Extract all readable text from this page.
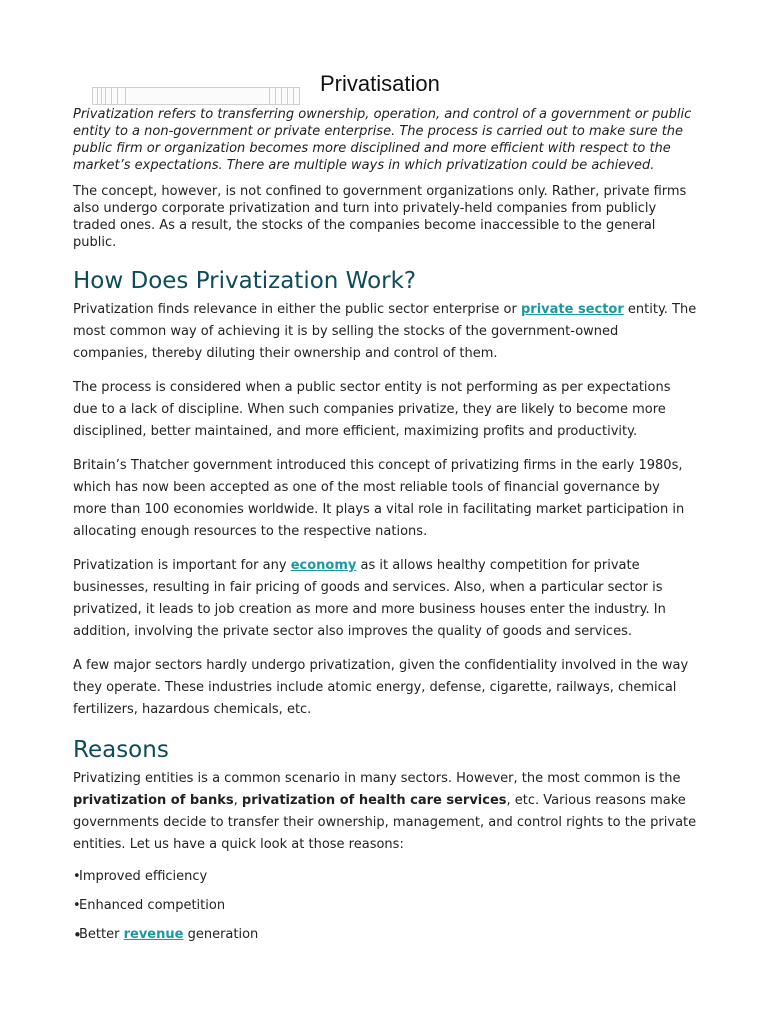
Privatisation

Privatization refers to transferring ownership, operation, and control of a government or public entity to a non-government or private enterprise. The process is carried out to make sure the public firm or organization becomes more disciplined and more efficient with respect to the market’s expectations. There are multiple ways in which privatization could be achieved.

The concept, however, is not confined to government organizations only. Rather, private firms also undergo corporate privatization and turn into privately-held companies from publicly traded ones. As a result, the stocks of the companies become inaccessible to the general public.

How Does Privatization Work?

Privatization finds relevance in either the public sector enterprise or private sector entity. The most common way of achieving it is by selling the stocks of the government-owned companies, thereby diluting their ownership and control of them.

The process is considered when a public sector entity is not performing as per expectations due to a lack of discipline. When such companies privatize, they are likely to become more disciplined, better maintained, and more efficient, maximizing profits and productivity.

Britain’s Thatcher government introduced this concept of privatizing firms in the early 1980s, which has now been accepted as one of the most reliable tools of financial governance by more than 100 economies worldwide. It plays a vital role in facilitating market participation in allocating enough resources to the respective nations.

Privatization is important for any economy as it allows healthy competition for private businesses, resulting in fair pricing of goods and services. Also, when a particular sector is privatized, it leads to job creation as more and more business houses enter the industry. In addition, involving the private sector also improves the quality of goods and services.

A few major sectors hardly undergo privatization, given the confidentiality involved in the way they operate. These industries include atomic energy, defense, cigarette, railways, chemical fertilizers, hazardous chemicals, etc.

Reasons

Privatizing entities is a common scenario in many sectors. However, the most common is the privatization of banks, privatization of health care services, etc. Various reasons make governments decide to transfer their ownership, management, and control rights to the private entities. Let us have a quick look at those reasons:

•
Improved efficiency
•
Enhanced competition
•
Better revenue generation
